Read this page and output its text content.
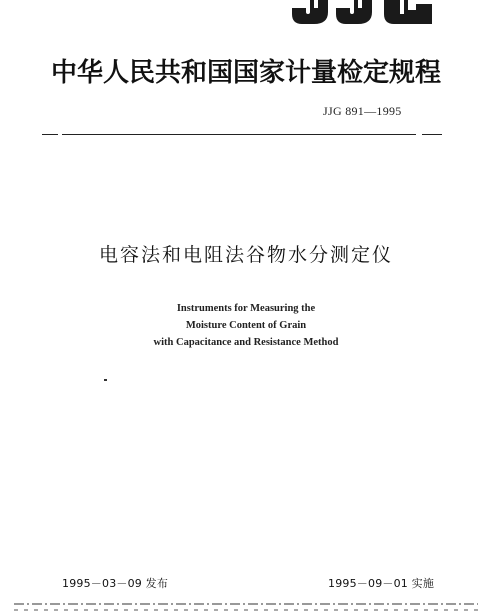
中华人民共和国国家计量检定规程
JJG 891—1995
电容法和电阻法谷物水分测定仪
Instruments for Measuring the
Moisture Content of Grain
with Capacitance and Resistance Method
1995－03－09 发布	1995－09－01 实施
